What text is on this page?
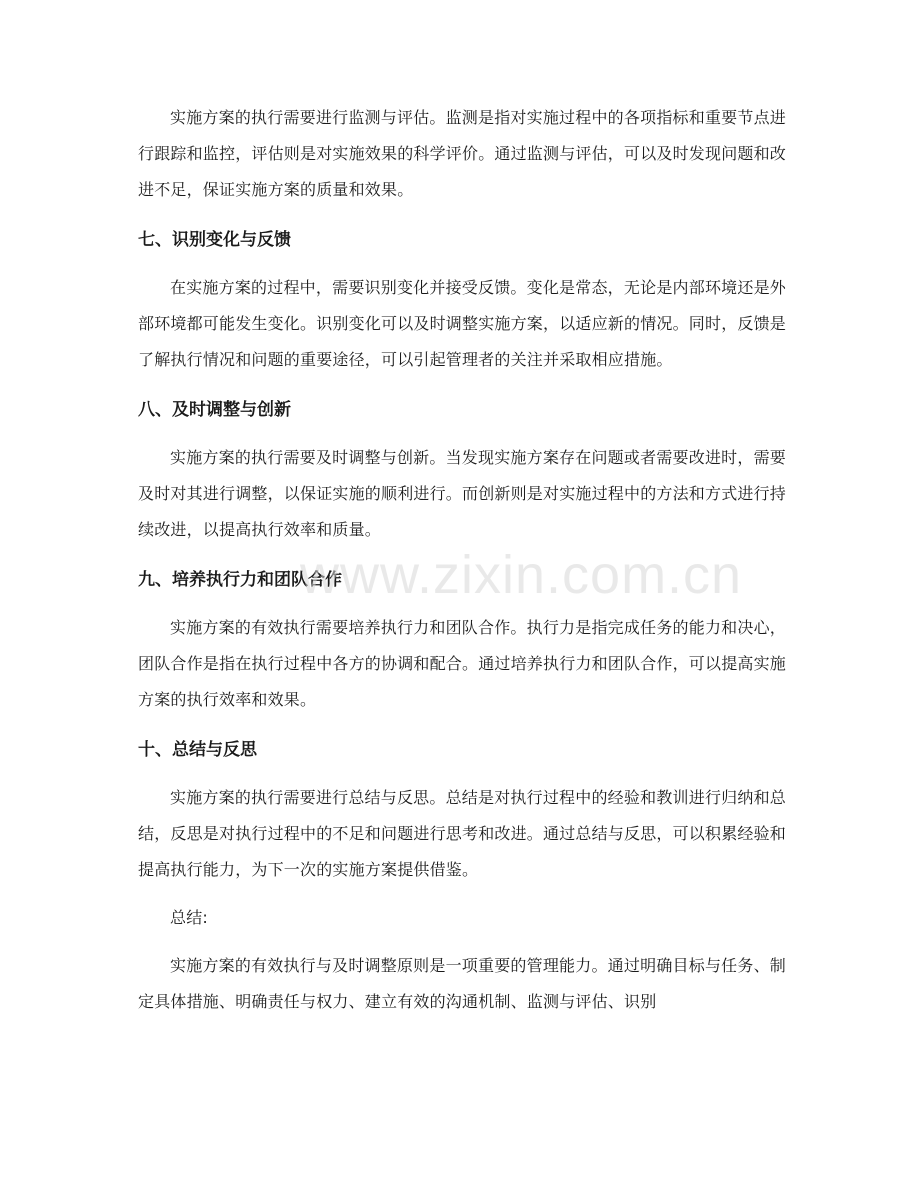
实施方案的执行需要进行监测与评估。监测是指对实施过程中的各项指标和重要节点进行跟踪和监控，评估则是对实施效果的科学评价。通过监测与评估，可以及时发现问题和改进不足，保证实施方案的质量和效果。

七、识别变化与反馈

在实施方案的过程中，需要识别变化并接受反馈。变化是常态，无论是内部环境还是外部环境都可能发生变化。识别变化可以及时调整实施方案，以适应新的情况。同时，反馈是了解执行情况和问题的重要途径，可以引起管理者的关注并采取相应措施。

八、及时调整与创新

实施方案的执行需要及时调整与创新。当发现实施方案存在问题或者需要改进时，需要及时对其进行调整，以保证实施的顺利进行。而创新则是对实施过程中的方法和方式进行持续改进，以提高执行效率和质量。

九、培养执行力和团队合作

实施方案的有效执行需要培养执行力和团队合作。执行力是指完成任务的能力和决心，团队合作是指在执行过程中各方的协调和配合。通过培养执行力和团队合作，可以提高实施方案的执行效率和效果。

十、总结与反思

实施方案的执行需要进行总结与反思。总结是对执行过程中的经验和教训进行归纳和总结，反思是对执行过程中的不足和问题进行思考和改进。通过总结与反思，可以积累经验和提高执行能力，为下一次的实施方案提供借鉴。

总结:

实施方案的有效执行与及时调整原则是一项重要的管理能力。通过明确目标与任务、制定具体措施、明确责任与权力、建立有效的沟通机制、监测与评估、识别

www.zixin.com.cn
